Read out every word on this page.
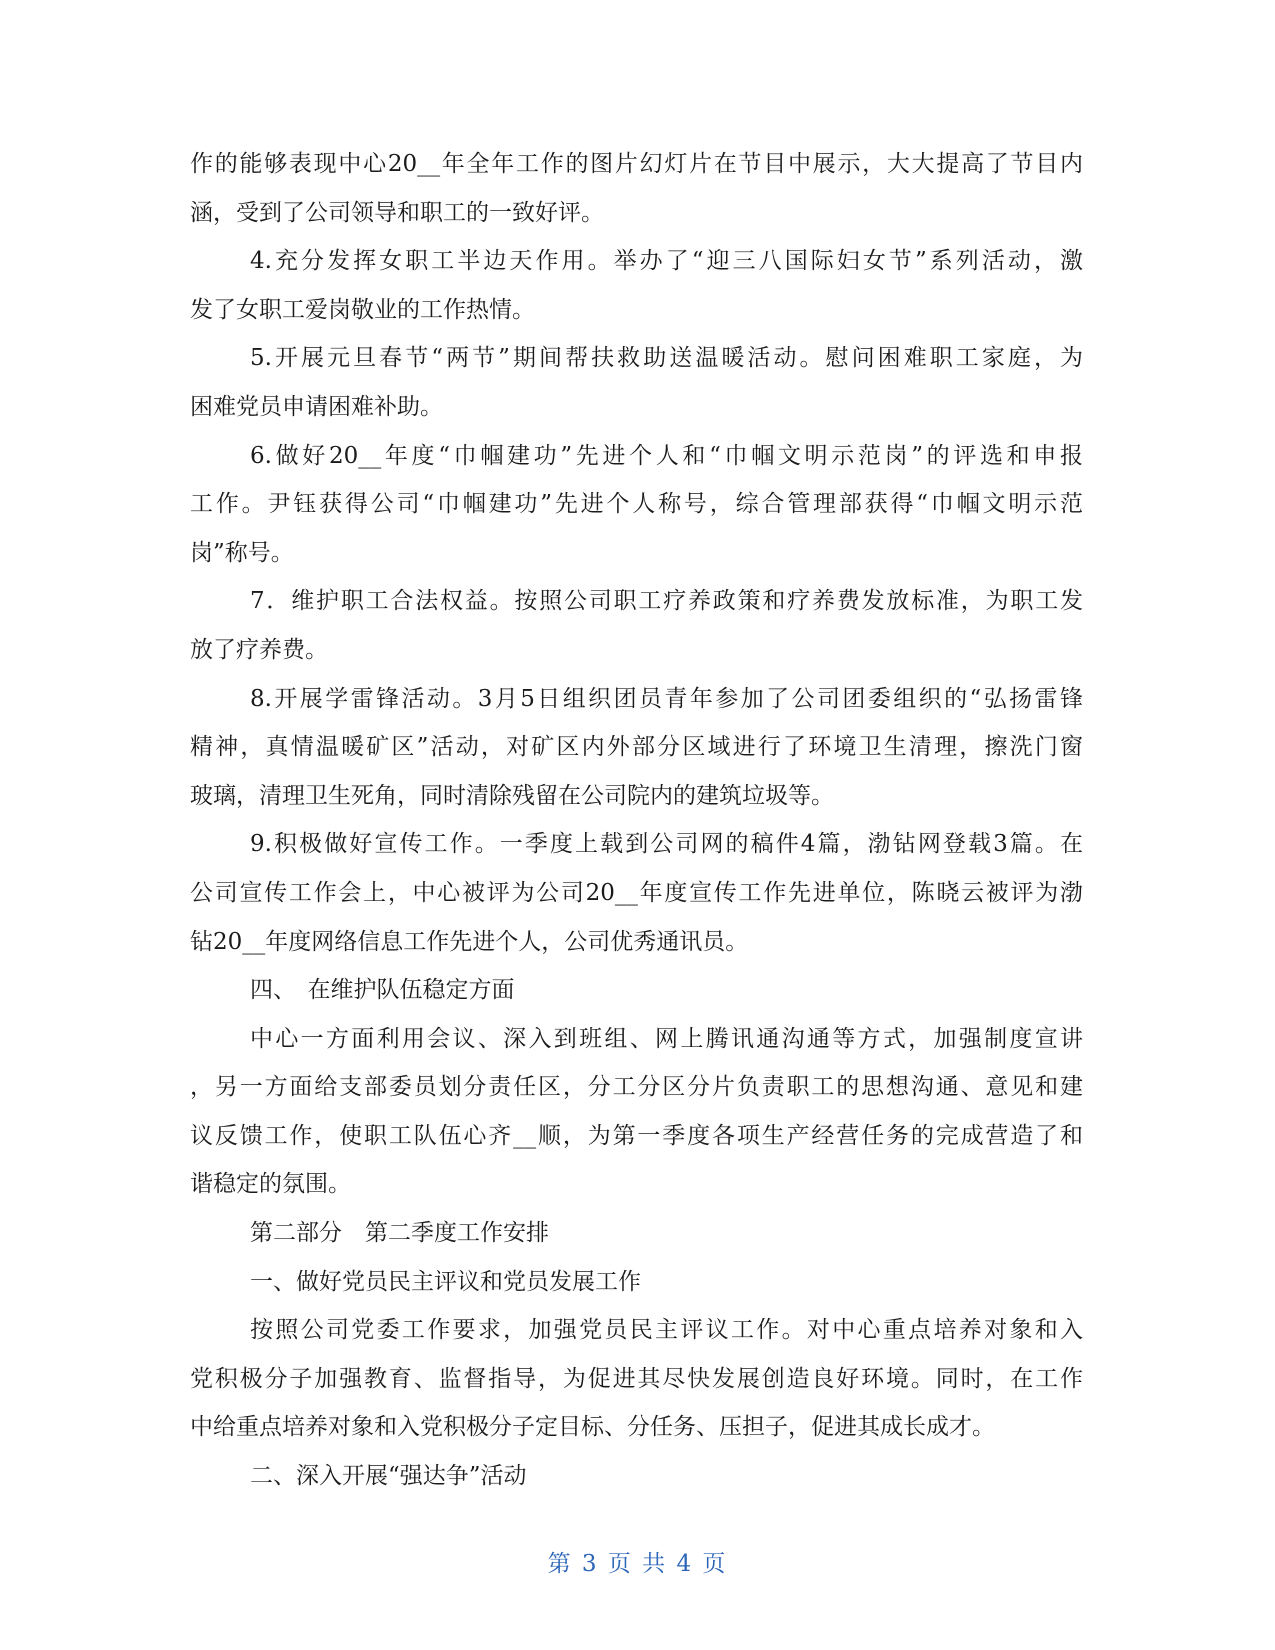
作的能够表现中心20__年全年工作的图片幻灯片在节目中展示，大大提高了节目内
涵，受到了公司领导和职工的一致好评。
4.充分发挥女职工半边天作用。举办了“迎三八国际妇女节”系列活动，激
发了女职工爱岗敬业的工作热情。
5.开展元旦春节“两节”期间帮扶救助送温暖活动。慰问困难职工家庭，为
困难党员申请困难补助。
6.做好20__年度“巾帼建功”先进个人和“巾帼文明示范岗”的评选和申报
工作。尹钰获得公司“巾帼建功”先进个人称号，综合管理部获得“巾帼文明示范
岗”称号。
7．维护职工合法权益。按照公司职工疗养政策和疗养费发放标准，为职工发
放了疗养费。
8.开展学雷锋活动。3月5日组织团员青年参加了公司团委组织的“弘扬雷锋
精神，真情温暖矿区”活动，对矿区内外部分区域进行了环境卫生清理，擦洗门窗
玻璃，清理卫生死角，同时清除残留在公司院内的建筑垃圾等。
9.积极做好宣传工作。一季度上载到公司网的稿件4篇，渤钻网登载3篇。在
公司宣传工作会上，中心被评为公司20__年度宣传工作先进单位，陈晓云被评为渤
钻20__年度网络信息工作先进个人，公司优秀通讯员。
四、　在维护队伍稳定方面
中心一方面利用会议、深入到班组、网上腾讯通沟通等方式，加强制度宣讲
，另一方面给支部委员划分责任区，分工分区分片负责职工的思想沟通、意见和建
议反馈工作，使职工队伍心齐__顺，为第一季度各项生产经营任务的完成营造了和
谐稳定的氛围。
第二部分　第二季度工作安排
一、做好党员民主评议和党员发展工作
按照公司党委工作要求，加强党员民主评议工作。对中心重点培养对象和入
党积极分子加强教育、监督指导，为促进其尽快发展创造良好环境。同时，在工作
中给重点培养对象和入党积极分子定目标、分任务、压担子，促进其成长成才。
二、深入开展“强达争”活动
第 3 页 共 4 页
